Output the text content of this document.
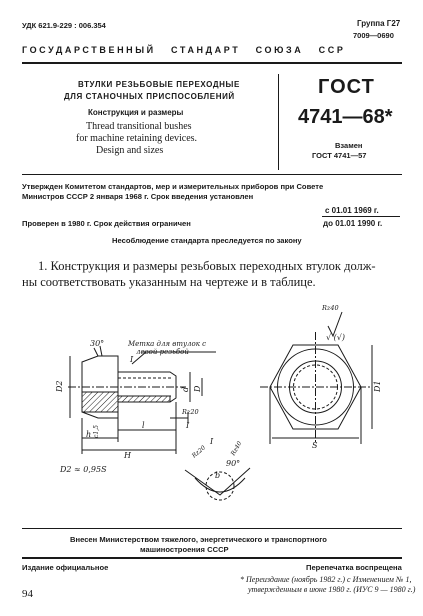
УДК 621.9-229 : 006.354	Группа Г27
7009—0690
ГОСУДАРСТВЕННЫЙ   СТАНДАРТ   СОЮЗА   ССР
ВТУЛКИ РЕЗЬБОВЫЕ ПЕРЕХОДНЫЕ
ДЛЯ СТАНОЧНЫХ ПРИСПОСОБЛЕНИЙ
Конструкция и размеры
Thread transitional bushes
for machine retaining devices.
Design and sizes
ГОСТ
4741—68*
Взамен
ГОСТ 4741—57
Утвержден Комитетом стандартов, мер и измерительных приборов при Совете
Министров СССР 2 января 1968 г. Срок введения установлен
с 01.01 1969 г.
Проверен в 1980 г. Срок действия ограничен	до 01.01 1990 г.
Несоблюдение стандарта преследуется по закону
1. Конструкция и размеры резьбовых переходных втулок долж-
ны соответствовать указанным на чертеже и в таблице.
30°	Метка для втулок с
левой резьбой
I
I
D2	d D
h
l
H
c1,5
Rz20
Rz40
√ (√)
D1
S
90°
b
Rz20	Rz40
I
D2 ≈ 0,95S
Внесен Министерством тяжелого, энергетического и транспортного
машиностроения СССР
Издание официальное	Перепечатка воспрещена
* Переиздание (ноябрь 1982 г.) с Изменением № 1,
утвержденным в июне 1980 г. (ИУС 9 — 1980 г.)
94
